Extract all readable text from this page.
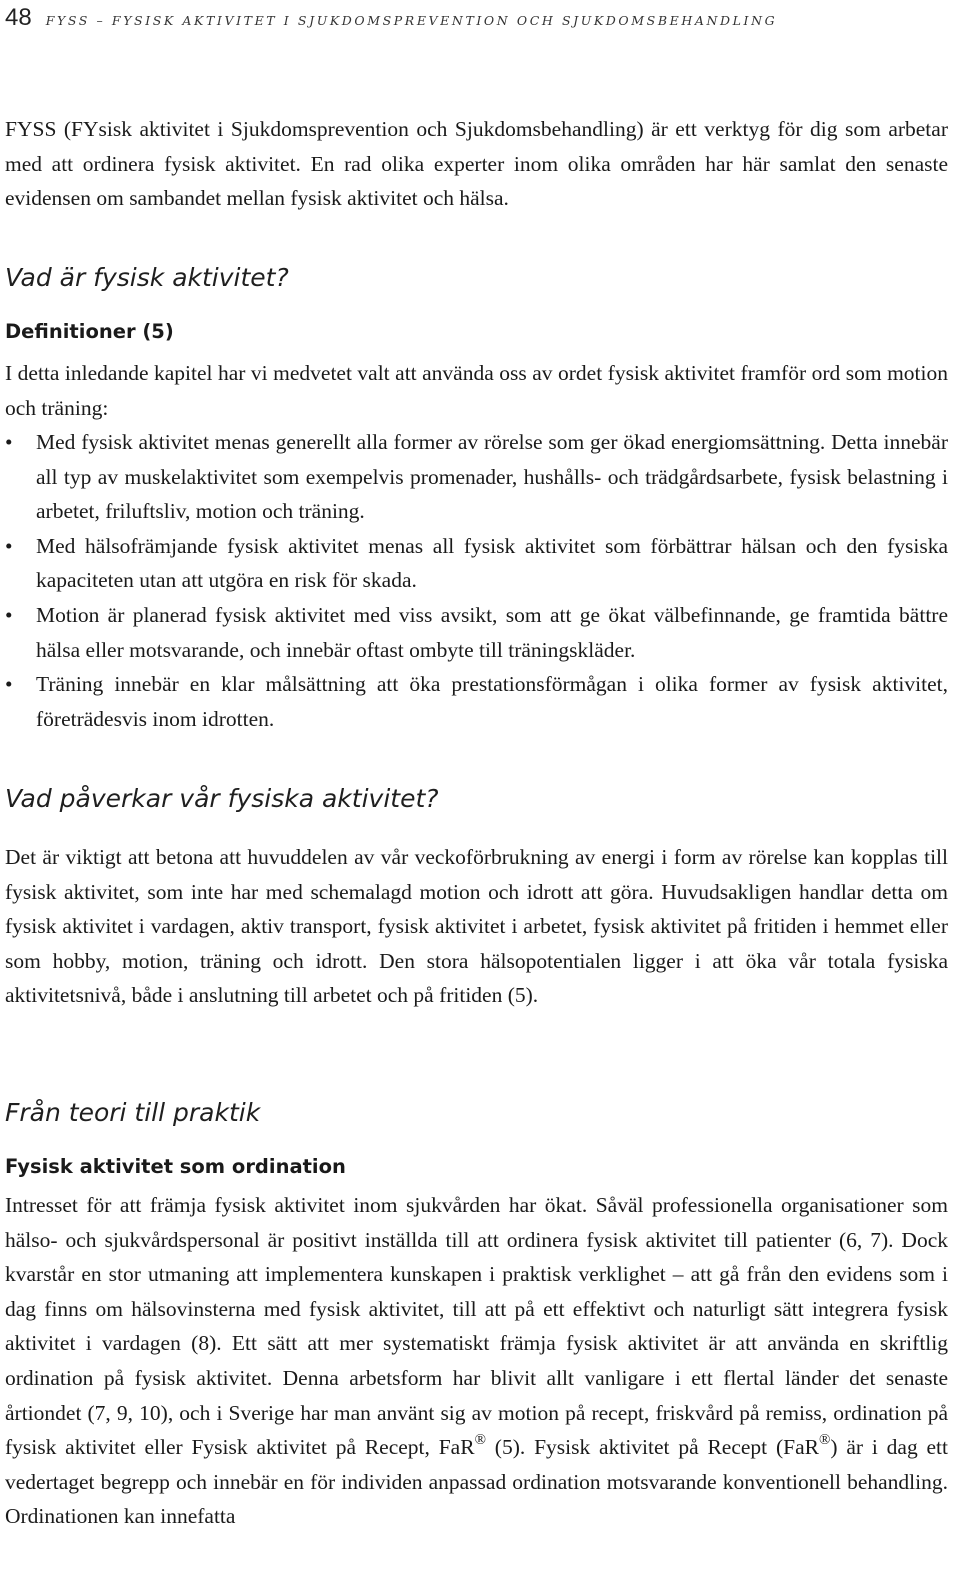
48 FYSS – FYSISK AKTIVITET I SJUKDOMSPREVENTION OCH SJUKDOMSBEHANDLING

FYSS (FYsisk aktivitet i Sjukdomsprevention och Sjukdomsbehandling) är ett verktyg för dig som arbetar med att ordinera fysisk aktivitet. En rad olika experter inom olika områden har här samlat den senaste evidensen om sambandet mellan fysisk aktivitet och hälsa.

Vad är fysisk aktivitet?
Definitioner (5)

I detta inledande kapitel har vi medvetet valt att använda oss av ordet fysisk aktivitet framför ord som motion och träning:

• Med fysisk aktivitet menas generellt alla former av rörelse som ger ökad energiomsättning. Detta innebär all typ av muskelaktivitet som exempelvis promenader, hushålls- och trädgårdsarbete, fysisk belastning i arbetet, friluftsliv, motion och träning.
• Med hälsofrämjande fysisk aktivitet menas all fysisk aktivitet som förbättrar hälsan och den fysiska kapaciteten utan att utgöra en risk för skada.
• Motion är planerad fysisk aktivitet med viss avsikt, som att ge ökat välbefinnande, ge framtida bättre hälsa eller motsvarande, och innebär oftast ombyte till träningskläder.
• Träning innebär en klar målsättning att öka prestationsförmågan i olika former av fysisk aktivitet, företrädesvis inom idrotten.
Vad påverkar vår fysiska aktivitet?

Det är viktigt att betona att huvuddelen av vår veckoförbrukning av energi i form av rörelse kan kopplas till fysisk aktivitet, som inte har med schemalagd motion och idrott att göra. Huvudsakligen handlar detta om fysisk aktivitet i vardagen, aktiv transport, fysisk aktivitet i arbetet, fysisk aktivitet på fritiden i hemmet eller som hobby, motion, träning och idrott. Den stora hälsopotentialen ligger i att öka vår totala fysiska aktivitetsnivå, både i anslutning till arbetet och på fritiden (5).

Från teori till praktik
Fysisk aktivitet som ordination

Intresset för att främja fysisk aktivitet inom sjukvården har ökat. Såväl professionella organisationer som hälso- och sjukvårdspersonal är positivt inställda till att ordinera fysisk aktivitet till patienter (6, 7). Dock kvarstår en stor utmaning att implementera kunskapen i praktisk verklighet – att gå från den evidens som i dag finns om hälsovinsterna med fysisk aktivitet, till att på ett effektivt och naturligt sätt integrera fysisk aktivitet i vardagen (8). Ett sätt att mer systematiskt främja fysisk aktivitet är att använda en skriftlig ordination på fysisk aktivitet. Denna arbetsform har blivit allt vanligare i ett flertal länder det senaste årtiondet (7, 9, 10), och i Sverige har man använt sig av motion på recept, friskvård på remiss, ordination på fysisk aktivitet eller Fysisk aktivitet på Recept, FaR® (5). Fysisk aktivitet på Recept (FaR®) är i dag ett vedertaget begrepp och innebär en för individen anpassad ordination motsvarande konventionell behandling. Ordinationen kan innefatta
